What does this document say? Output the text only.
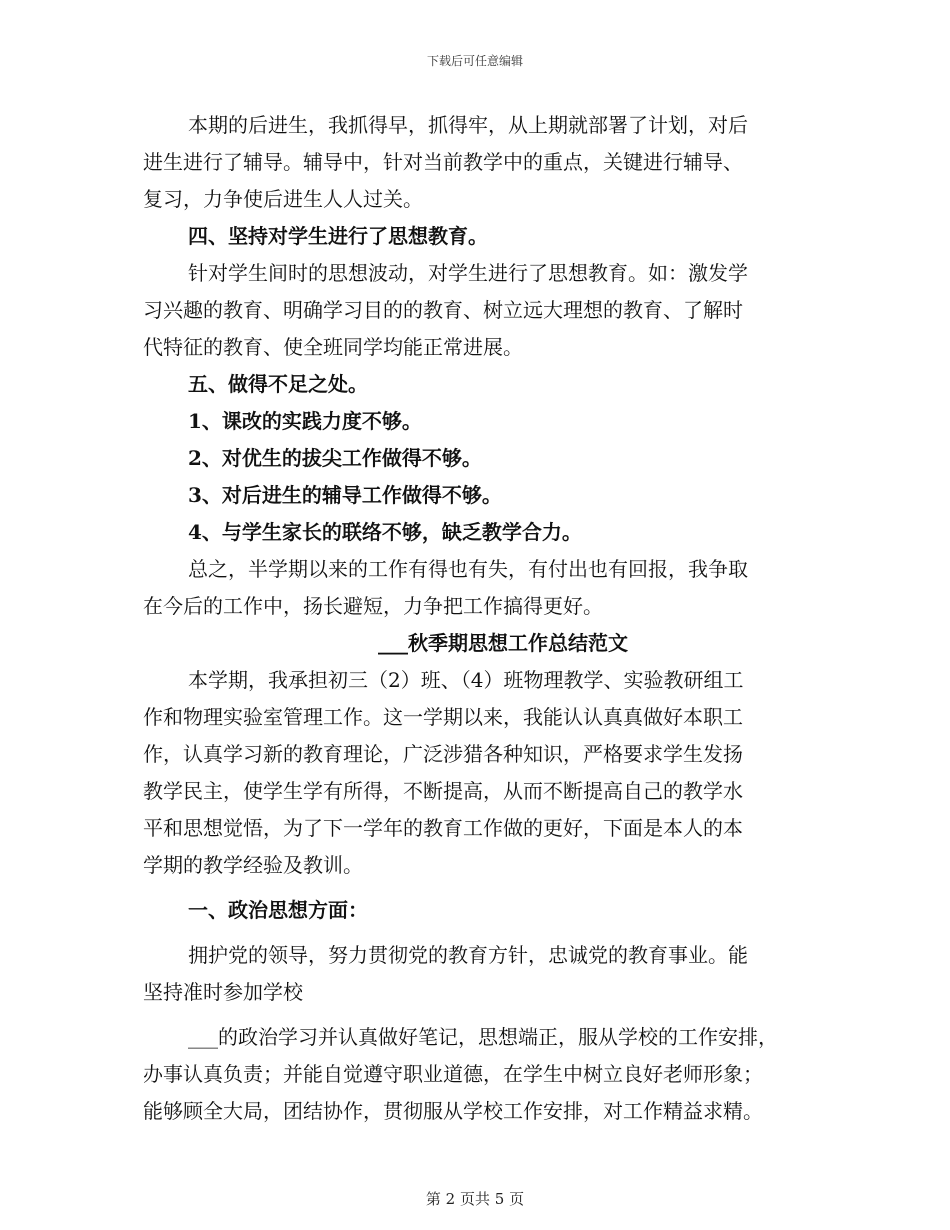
下载后可任意编辑
本期的后进生，我抓得早，抓得牢，从上期就部署了计划，对后
进生进行了辅导。辅导中，针对当前教学中的重点，关键进行辅导、
复习，力争使后进生人人过关。
四、坚持对学生进行了思想教育。
针对学生间时的思想波动，对学生进行了思想教育。如：激发学
习兴趣的教育、明确学习目的的教育、树立远大理想的教育、了解时
代特征的教育、使全班同学均能正常进展。
五、做得不足之处。
1、课改的实践力度不够。
2、对优生的拔尖工作做得不够。
3、对后进生的辅导工作做得不够。
4、与学生家长的联络不够，缺乏教学合力。
总之，半学期以来的工作有得也有失，有付出也有回报，我争取
在今后的工作中，扬长避短，力争把工作搞得更好。
___秋季期思想工作总结范文
本学期，我承担初三（2）班、（4）班物理教学、实验教研组工
作和物理实验室管理工作。这一学期以来，我能认认真真做好本职工
作，认真学习新的教育理论，广泛涉猎各种知识，严格要求学生发扬
教学民主，使学生学有所得，不断提高，从而不断提高自己的教学水
平和思想觉悟，为了下一学年的教育工作做的更好，下面是本人的本
学期的教学经验及教训。
一、政治思想方面：
拥护党的领导，努力贯彻党的教育方针，忠诚党的教育事业。能
坚持准时参加学校
___的政治学习并认真做好笔记，思想端正，服从学校的工作安排，
办事认真负责；并能自觉遵守职业道德，在学生中树立良好老师形象；
能够顾全大局，团结协作，贯彻服从学校工作安排，对工作精益求精。
第 2 页共 5 页
